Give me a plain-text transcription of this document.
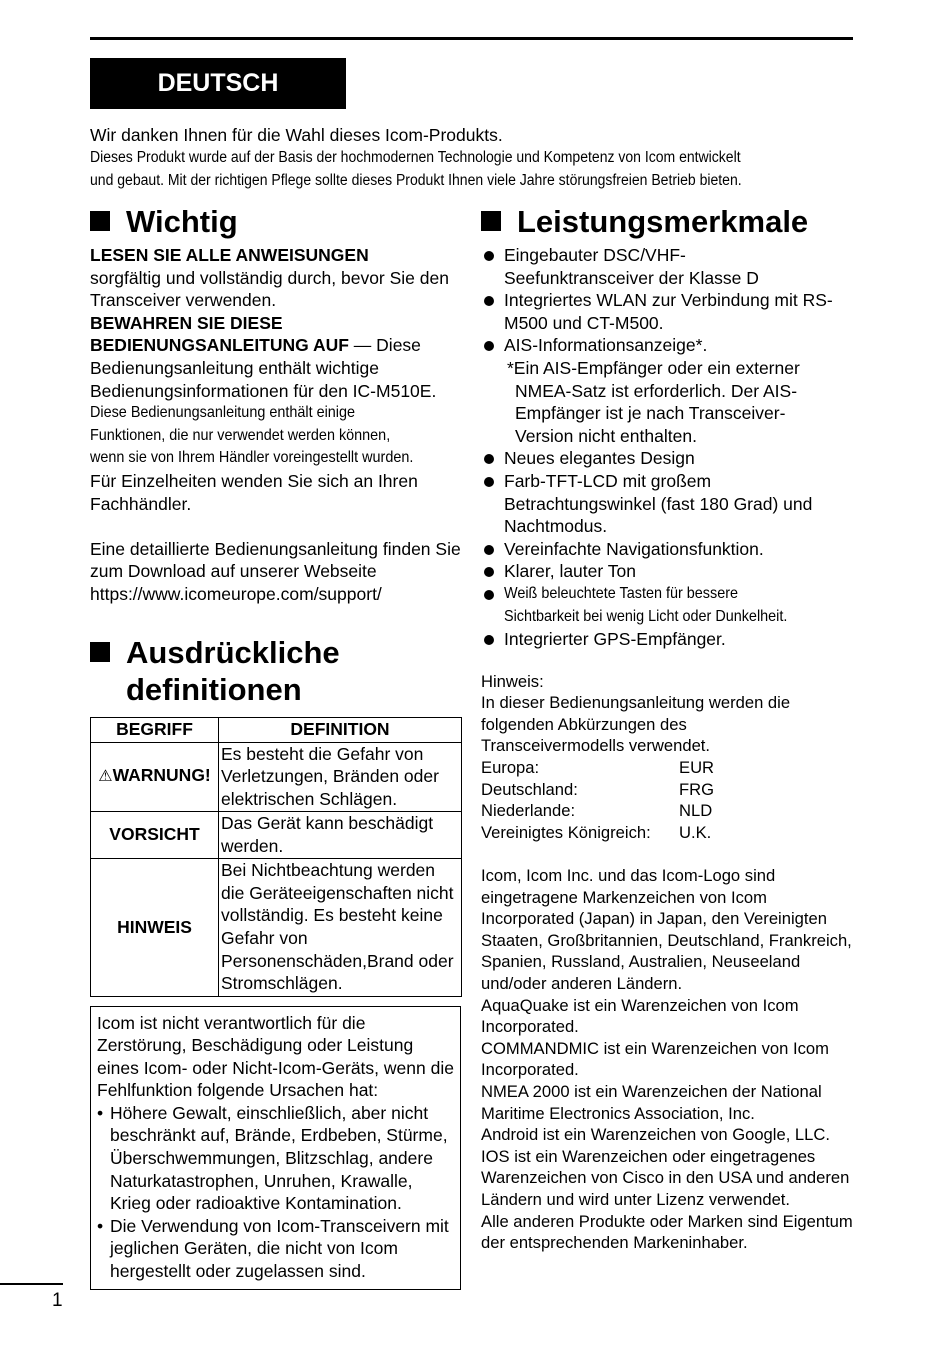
DEUTSCH
Wir danken Ihnen für die Wahl dieses Icom-Produkts.
Dieses Produkt wurde auf der Basis der hochmodernen Technologie und Kompetenz von Icom entwickelt
und gebaut. Mit der richtigen Pflege sollte dieses Produkt Ihnen viele Jahre störungsfreien Betrieb bieten.
Wichtig

LESEN SIE ALLE ANWEISUNGEN
sorgfältig und vollständig durch, bevor Sie den Transceiver verwenden.

BEWAHREN SIE DIESE BEDIENUNGSANLEITUNG AUF — Diese Bedienungsanleitung enthält wichtige Bedienungsinformationen für den IC-M510E.

Diese Bedienungsanleitung enthält einige
Funktionen, die nur verwendet werden können,
wenn sie von Ihrem Händler voreingestellt wurden.

Für Einzelheiten wenden Sie sich an Ihren Fachhändler.

Eine detaillierte Bedienungsanleitung finden Sie zum Download auf unserer Webseite

https://www.icomeurope.com/support/

Ausdrückliche
definitionen
BEGRIFF	DEFINITION
⚠WARNUNG!	Es besteht die Gefahr von Verletzungen, Bränden oder elektrischen Schlägen.
VORSICHT	Das Gerät kann beschädigt werden.
HINWEIS	Bei Nichtbeachtung werden die Geräteeigenschaften nicht vollständig. Es besteht keine Gefahr von Personenschäden,Brand oder Stromschlägen.
Icom ist nicht verantwortlich für die Zerstörung, Beschädigung oder Leistung eines Icom- oder Nicht-Icom-Geräts, wenn die Fehlfunktion folgende Ursachen hat:
• Höhere Gewalt, einschließlich, aber nicht beschränkt auf, Brände, Erdbeben, Stürme, Überschwemmungen, Blitzschlag, andere Naturkatastrophen, Unruhen, Krawalle, Krieg oder radioaktive Kontamination.
• Die Verwendung von Icom-Transceivern mit jeglichen Geräten, die nicht von Icom hergestellt oder zugelassen sind.
Leistungsmerkmale
Eingebauter DSC/VHF-Seefunktransceiver der Klasse D
Integriertes WLAN zur Verbindung mit RS-M500 und CT-M500.
AIS-Informationsanzeige*.
*Ein AIS-Empfänger oder ein externer
NMEA-Satz ist erforderlich. Der AIS-Empfänger ist je nach Transceiver-Version nicht enthalten.
Neues elegantes Design
Farb-TFT-LCD mit großem Betrachtungswinkel (fast 180 Grad) und Nachtmodus.
Vereinfachte Navigationsfunktion.
Klarer, lauter Ton
Weiß beleuchtete Tasten für bessere
Sichtbarkeit bei wenig Licht oder Dunkelheit.
Integrierter GPS-Empfänger.
Hinweis:
In dieser Bedienungsanleitung werden die folgenden Abkürzungen des Transceivermodells verwendet.
Europa:	EUR
Deutschland:	FRG
Niederlande:	NLD
Vereinigtes Königreich:	U.K.
Icom, Icom Inc. und das Icom-Logo sind eingetragene Markenzeichen von Icom Incorporated (Japan) in Japan, den Vereinigten Staaten, Großbritannien, Deutschland, Frankreich, Spanien, Russland, Australien, Neuseeland und/oder anderen Ländern.
AquaQuake ist ein Warenzeichen von Icom Incorporated.
COMMANDMIC ist ein Warenzeichen von Icom Incorporated.
NMEA 2000 ist ein Warenzeichen der National Maritime Electronics Association, Inc.
Android ist ein Warenzeichen von Google, LLC.
IOS ist ein Warenzeichen oder eingetragenes Warenzeichen von Cisco in den USA und anderen Ländern und wird unter Lizenz verwendet.
Alle anderen Produkte oder Marken sind Eigentum der entsprechenden Markeninhaber.
1
